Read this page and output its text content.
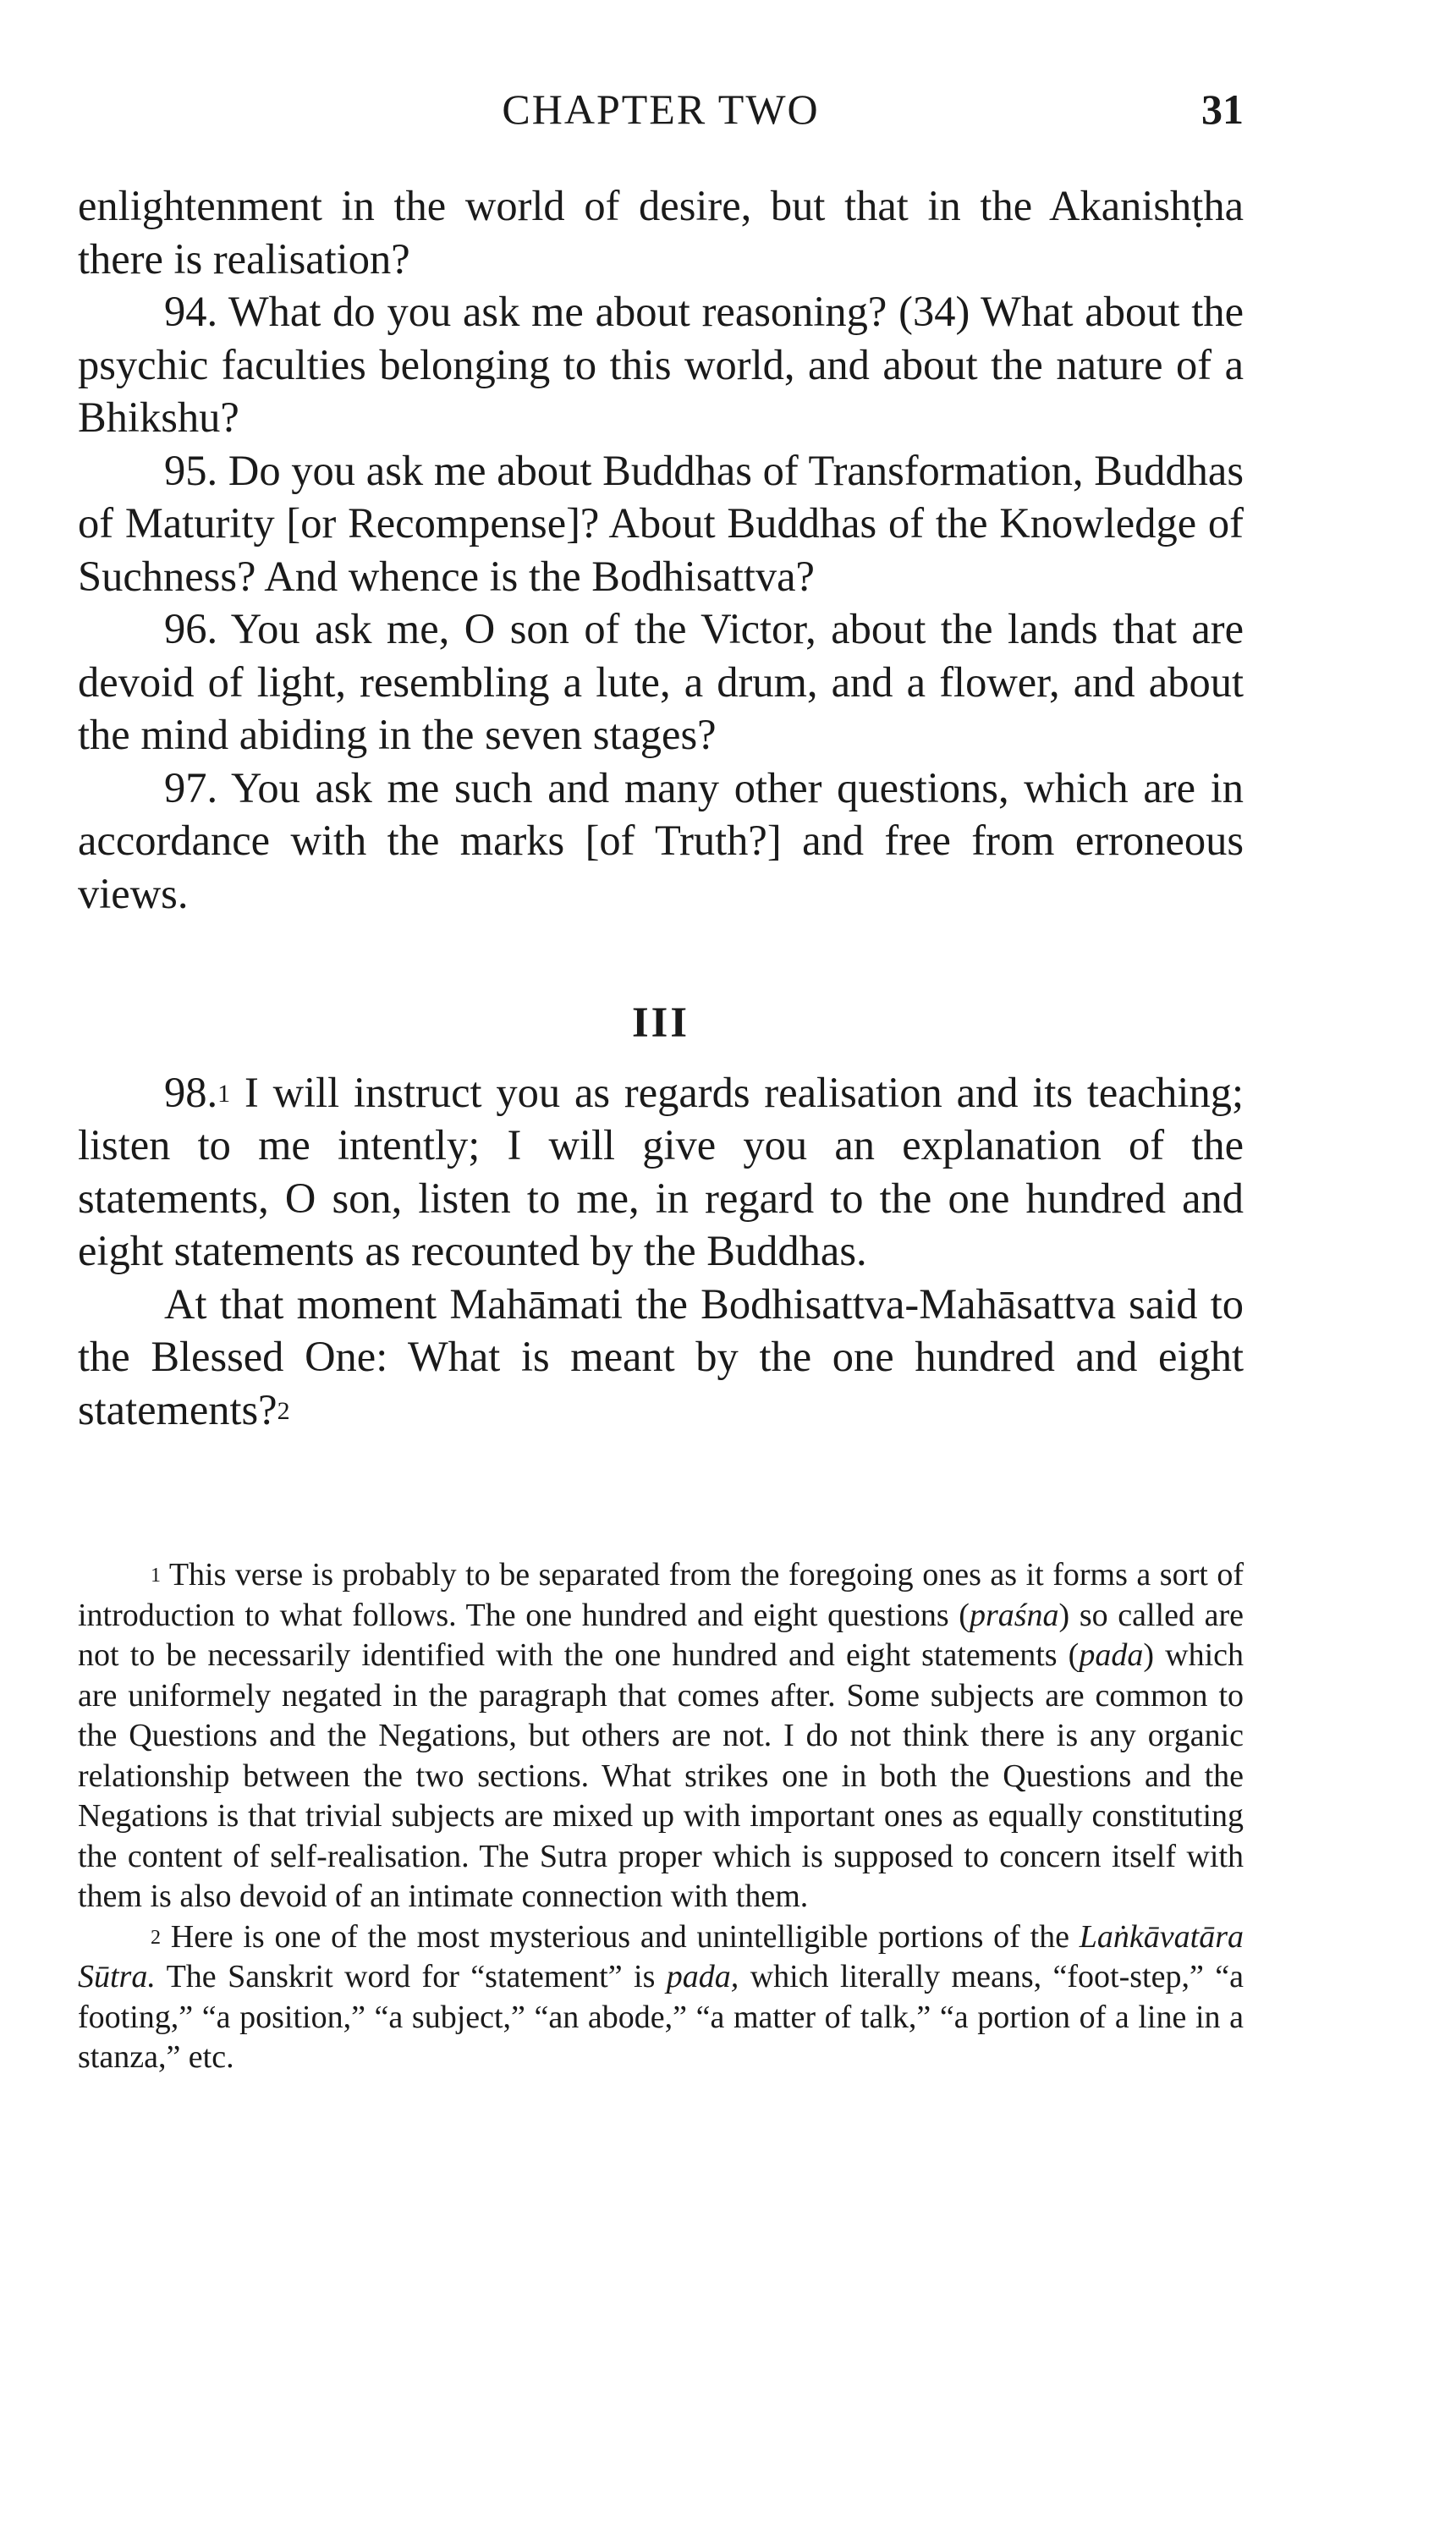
CHAPTER TWO	31

enlightenment in the world of desire, but that in the Akanishṭha there is realisation?

94. What do you ask me about reasoning? (34) What about the psychic faculties belonging to this world, and about the nature of a Bhikshu?

95. Do you ask me about Buddhas of Transformation, Buddhas of Maturity [or Recompense]? About Buddhas of the Knowledge of Suchness? And whence is the Bodhisattva?

96. You ask me, O son of the Victor, about the lands that are devoid of light, resembling a lute, a drum, and a flower, and about the mind abiding in the seven stages?

97. You ask me such and many other questions, which are in accordance with the marks [of Truth?] and free from erroneous views.

III

98.$^1$ I will instruct you as regards realisation and its teaching; listen to me intently; I will give you an explanation of the statements, O son, listen to me, in regard to the one hundred and eight statements as recounted by the Buddhas.

At that moment Mahāmati the Bodhisattva-Mahāsattva said to the Blessed One: What is meant by the one hundred and eight statements?$^2$

$^1$ This verse is probably to be separated from the foregoing ones as it forms a sort of introduction to what follows. The one hundred and eight questions (praśna) so called are not to be necessarily identified with the one hundred and eight statements (pada) which are uniformely negated in the paragraph that comes after. Some subjects are common to the Questions and the Negations, but others are not. I do not think there is any organic relationship between the two sections. What strikes one in both the Questions and the Negations is that trivial subjects are mixed up with important ones as equally constituting the content of self-realisation. The Sutra proper which is supposed to concern itself with them is also devoid of an intimate connection with them.

$^2$ Here is one of the most mysterious and unintelligible portions of the Laṅkāvatāra Sūtra. The Sanskrit word for “statement” is pada, which literally means, “foot-step,” “a footing,” “a position,” “a subject,” “an abode,” “a matter of talk,” “a portion of a line in a stanza,” etc.
